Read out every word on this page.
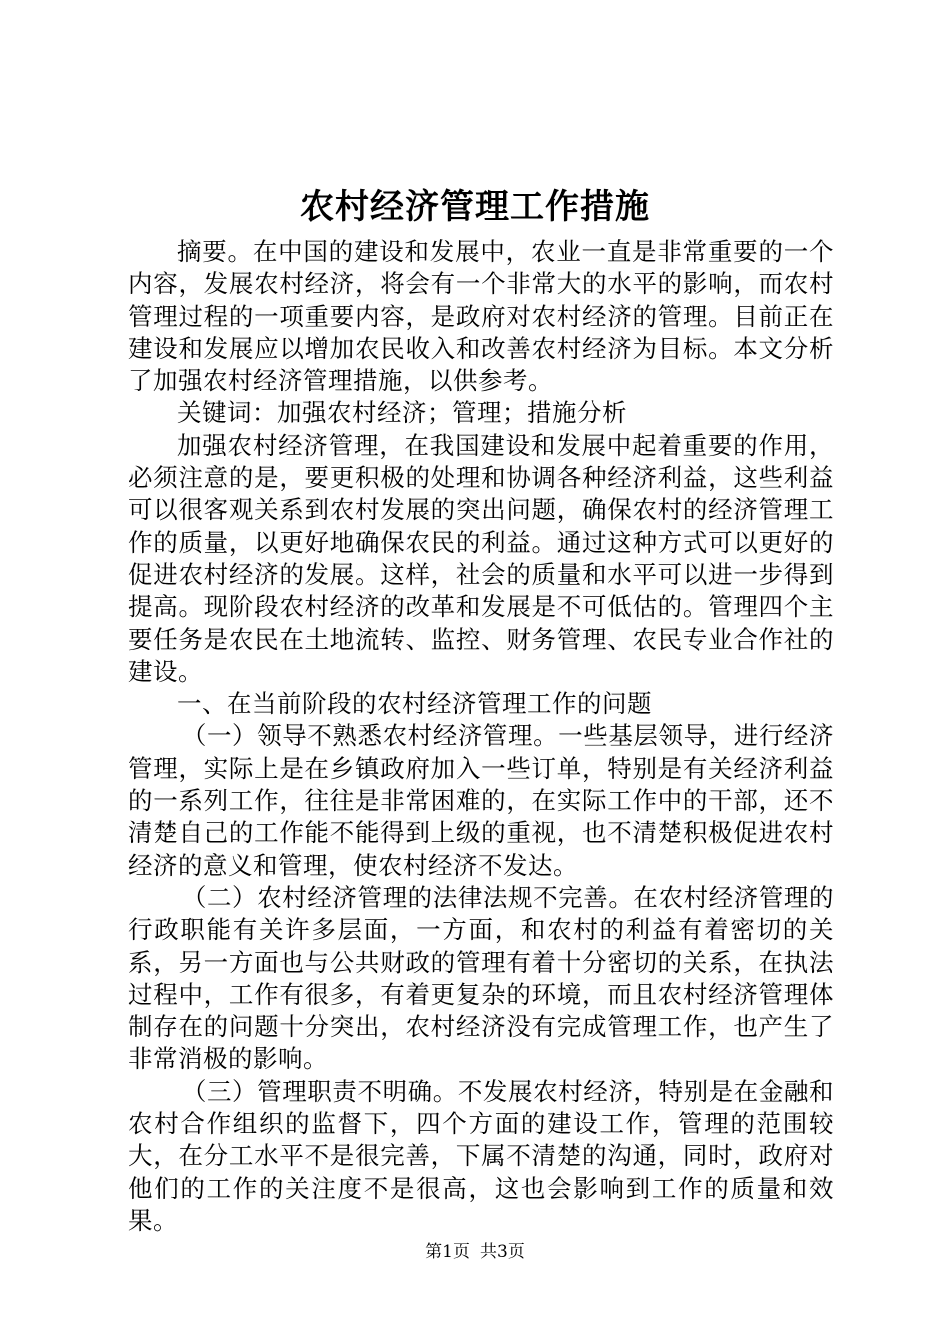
农村经济管理工作措施

摘要。在中国的建设和发展中，农业一直是非常重要的一个内容，发展农村经济，将会有一个非常大的水平的影响，而农村管理过程的一项重要内容，是政府对农村经济的管理。目前正在建设和发展应以增加农民收入和改善农村经济为目标。本文分析了加强农村经济管理措施，以供参考。

关键词：加强农村经济；管理；措施分析

加强农村经济管理，在我国建设和发展中起着重要的作用，必须注意的是，要更积极的处理和协调各种经济利益，这些利益可以很客观关系到农村发展的突出问题，确保农村的经济管理工作的质量，以更好地确保农民的利益。通过这种方式可以更好的促进农村经济的发展。这样，社会的质量和水平可以进一步得到提高。现阶段农村经济的改革和发展是不可低估的。管理四个主要任务是农民在土地流转、监控、财务管理、农民专业合作社的建设。

一、在当前阶段的农村经济管理工作的问题

（一）领导不熟悉农村经济管理。一些基层领导，进行经济管理，实际上是在乡镇政府加入一些订单，特别是有关经济利益的一系列工作，往往是非常困难的，在实际工作中的干部，还不清楚自己的工作能不能得到上级的重视，也不清楚积极促进农村经济的意义和管理，使农村经济不发达。

（二）农村经济管理的法律法规不完善。在农村经济管理的行政职能有关许多层面，一方面，和农村的利益有着密切的关系，另一方面也与公共财政的管理有着十分密切的关系，在执法过程中，工作有很多，有着更复杂的环境，而且农村经济管理体制存在的问题十分突出，农村经济没有完成管理工作，也产生了非常消极的影响。

（三）管理职责不明确。不发展农村经济，特别是在金融和农村合作组织的监督下，四个方面的建设工作，管理的范围较大，在分工水平不是很完善，下属不清楚的沟通，同时，政府对他们的工作的关注度不是很高，这也会影响到工作的质量和效果。

第1页 共3页
